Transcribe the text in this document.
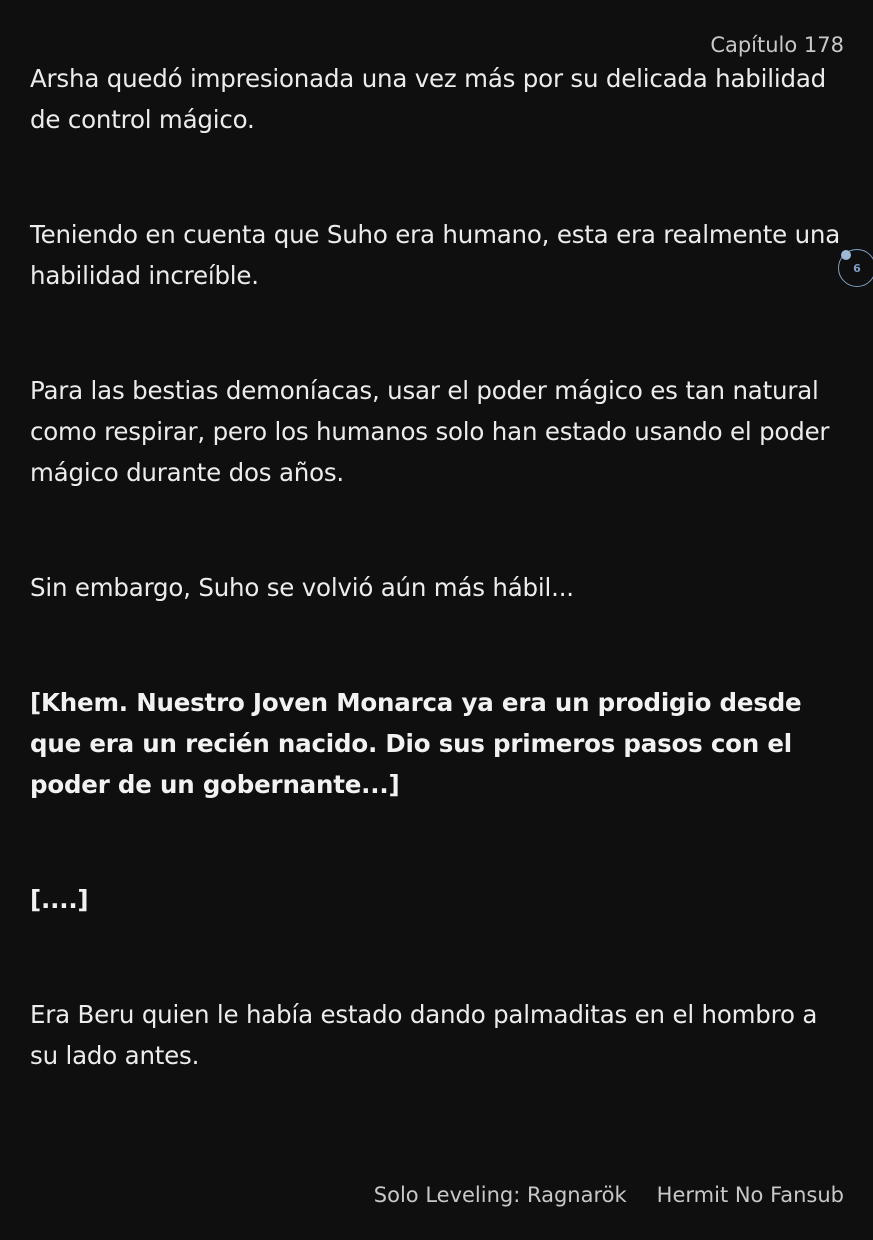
Capítulo 178

Arsha quedó impresionada una vez más por su delicada habilidad de control mágico.

Teniendo en cuenta que Suho era humano, esta era realmente una habilidad increíble.

Para las bestias demoníacas, usar el poder mágico es tan natural como respirar, pero los humanos solo han estado usando el poder mágico durante dos años.

Sin embargo, Suho se volvió aún más hábil...

[Khem. Nuestro Joven Monarca ya era un prodigio desde que era un recién nacido. Dio sus primeros pasos con el poder de un gobernante...]

[....]

Era Beru quien le había estado dando palmaditas en el hombro a su lado antes.

6
Solo Leveling: Ragnarök Hermit No Fansub
